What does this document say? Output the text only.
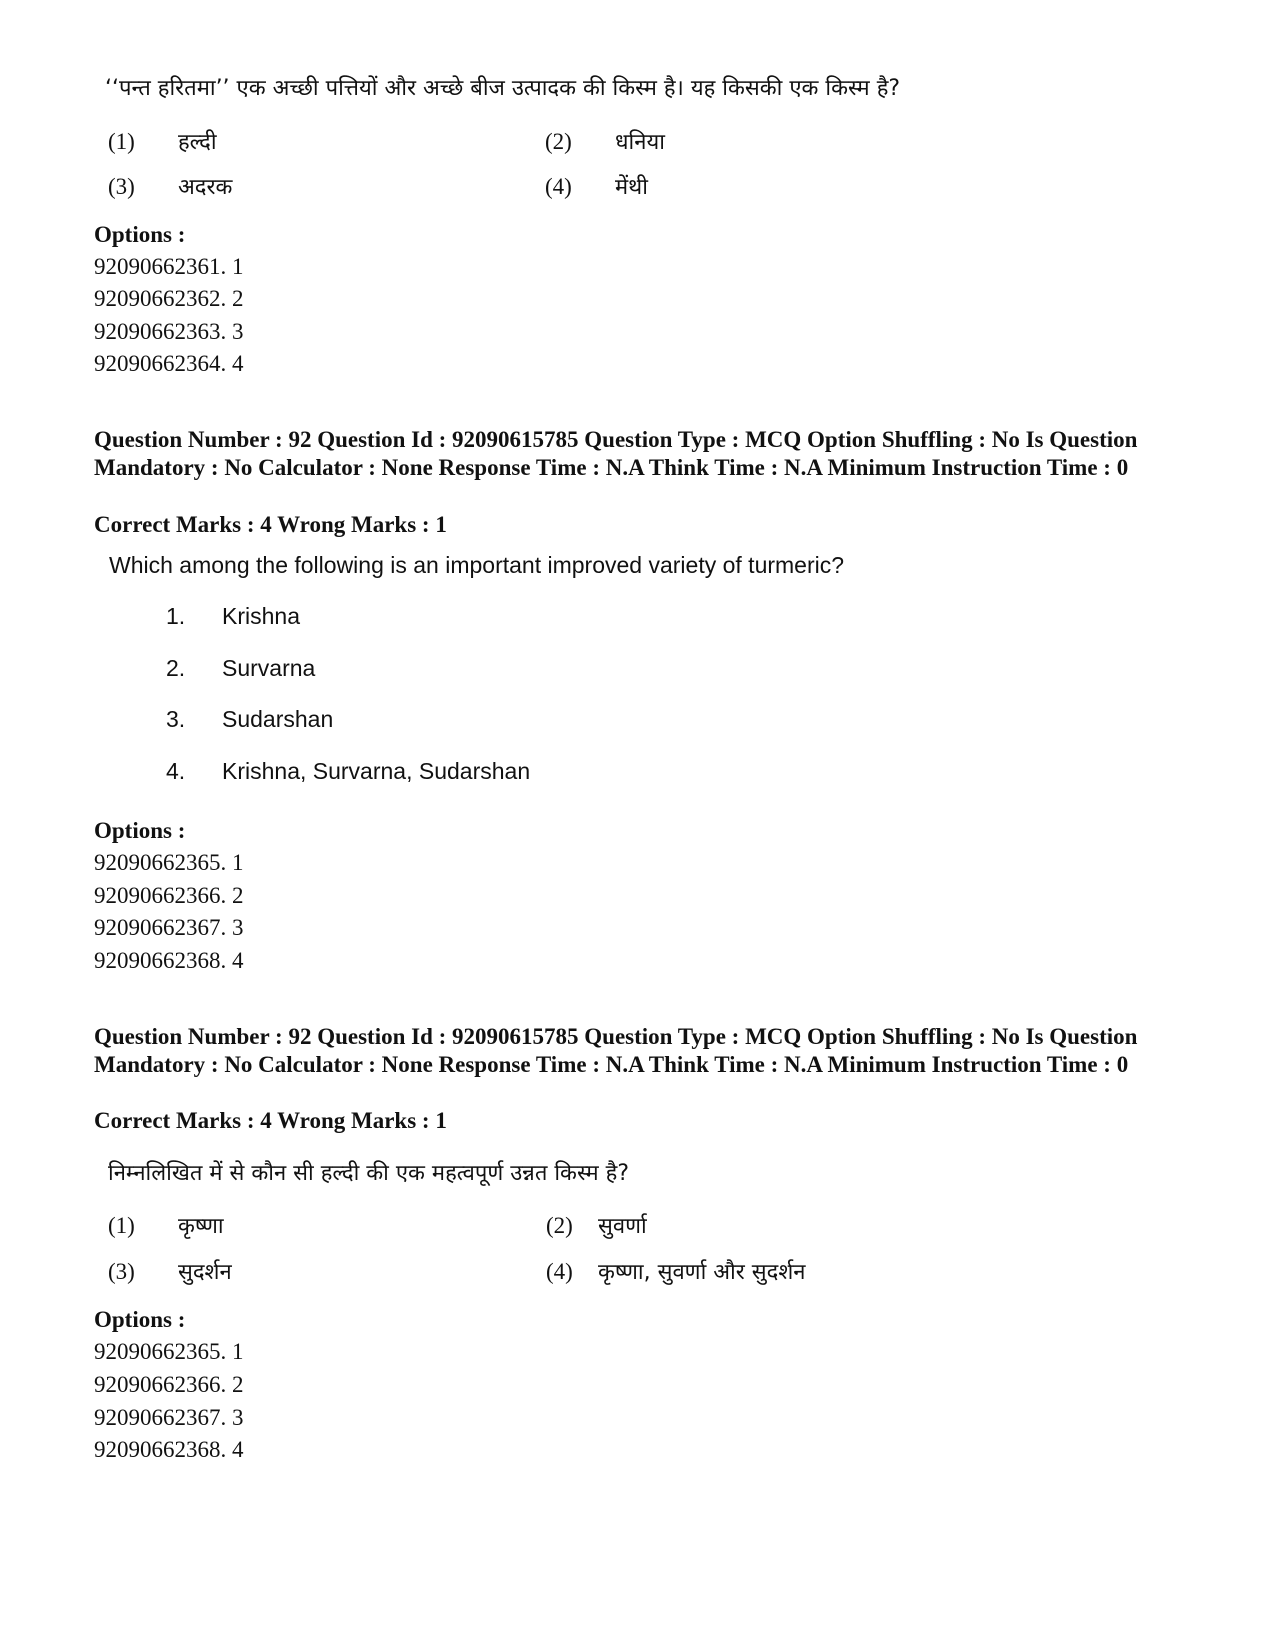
‘‘पन्त हरितमा’’ एक अच्छी पत्तियों और अच्छे बीज उत्पादक की किस्म है। यह किसकी एक किस्म है?
(1) हल्दी	(2) धनिया
(3) अदरक	(4) मेंथी
Options :
92090662361. 1
92090662362. 2
92090662363. 3
92090662364. 4
Question Number : 92 Question Id : 92090615785 Question Type : MCQ Option Shuffling : No Is Question Mandatory : No Calculator : None Response Time : N.A Think Time : N.A Minimum Instruction Time : 0
Correct Marks : 4 Wrong Marks : 1
Which among the following is an important improved variety of turmeric?
1. Krishna
2. Survarna
3. Sudarshan
4. Krishna, Survarna, Sudarshan
Options :
92090662365. 1
92090662366. 2
92090662367. 3
92090662368. 4
Question Number : 92 Question Id : 92090615785 Question Type : MCQ Option Shuffling : No Is Question Mandatory : No Calculator : None Response Time : N.A Think Time : N.A Minimum Instruction Time : 0
Correct Marks : 4 Wrong Marks : 1
निम्नलिखित में से कौन सी हल्दी की एक महत्वपूर्ण उन्नत किस्म है?
(1) कृष्णा	(2) सुवर्णा
(3) सुदर्शन	(4) कृष्णा, सुवर्णा और सुदर्शन
Options :
92090662365. 1
92090662366. 2
92090662367. 3
92090662368. 4
